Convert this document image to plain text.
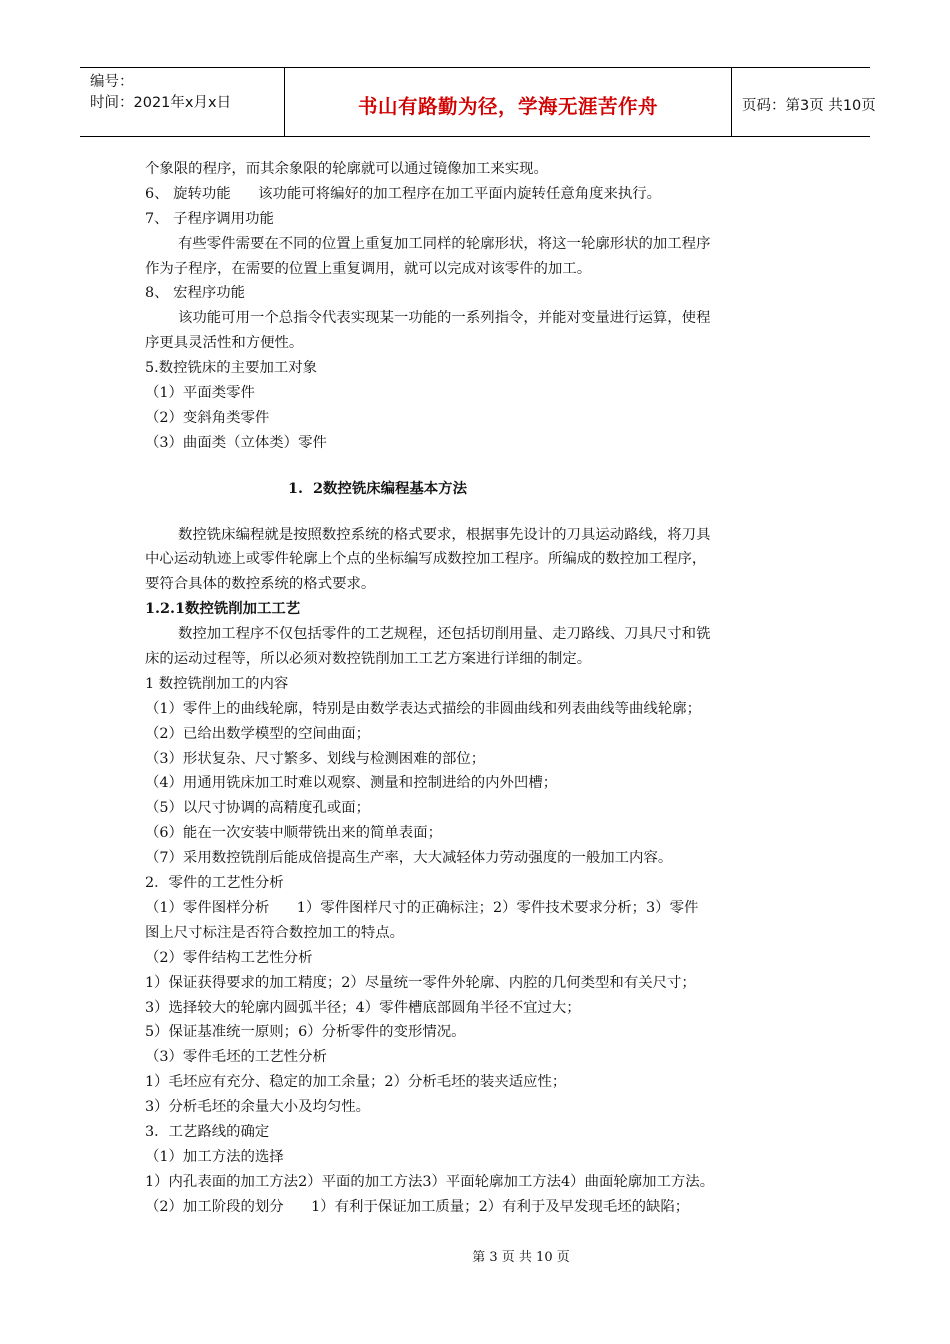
编号：
时间：2021年x月x日	书山有路勤为径，学海无涯苦作舟	页码：第3页 共10页
个象限的程序，而其余象限的轮廓就可以通过镜像加工来实现。
6、 旋转功能      该功能可将编好的加工程序在加工平面内旋转任意角度来执行。
7、 子程序调用功能
有些零件需要在不同的位置上重复加工同样的轮廓形状，将这一轮廓形状的加工程序
作为子程序，在需要的位置上重复调用，就可以完成对该零件的加工。
8、 宏程序功能
该功能可用一个总指令代表实现某一功能的一系列指令，并能对变量进行运算，使程
序更具灵活性和方便性。
5.数控铣床的主要加工对象
（1）平面类零件
（2）变斜角类零件
（3）曲面类（立体类）零件
1.  2数控铣床编程基本方法
数控铣床编程就是按照数控系统的格式要求，根据事先设计的刀具运动路线，将刀具
中心运动轨迹上或零件轮廓上个点的坐标编写成数控加工程序。所编成的数控加工程序，
要符合具体的数控系统的格式要求。
1.2.1数控铣削加工工艺
数控加工程序不仅包括零件的工艺规程，还包括切削用量、走刀路线、刀具尺寸和铣
床的运动过程等，所以必须对数控铣削加工工艺方案进行详细的制定。
1 数控铣削加工的内容
（1）零件上的曲线轮廓，特别是由数学表达式描绘的非圆曲线和列表曲线等曲线轮廓；
（2）已给出数学模型的空间曲面；
（3）形状复杂、尺寸繁多、划线与检测困难的部位；
（4）用通用铣床加工时难以观察、测量和控制进给的内外凹槽；
（5）以尺寸协调的高精度孔或面；
（6）能在一次安装中顺带铣出来的简单表面；
（7）采用数控铣削后能成倍提高生产率，大大减轻体力劳动强度的一般加工内容。
2．零件的工艺性分析
（1）零件图样分析      1）零件图样尺寸的正确标注；2）零件技术要求分析；3）零件
图上尺寸标注是否符合数控加工的特点。
（2）零件结构工艺性分析
1）保证获得要求的加工精度；2）尽量统一零件外轮廓、内腔的几何类型和有关尺寸；
3）选择较大的轮廓内圆弧半径；4）零件槽底部圆角半径不宜过大；
5）保证基准统一原则；6）分析零件的变形情况。
（3）零件毛坯的工艺性分析
1）毛坯应有充分、稳定的加工余量；2）分析毛坯的装夹适应性；
3）分析毛坯的余量大小及均匀性。
3．工艺路线的确定
（1）加工方法的选择
1）内孔表面的加工方法2）平面的加工方法3）平面轮廓加工方法4）曲面轮廓加工方法。
（2）加工阶段的划分      1）有利于保证加工质量；2）有利于及早发现毛坯的缺陷；
第 3 页 共 10 页
